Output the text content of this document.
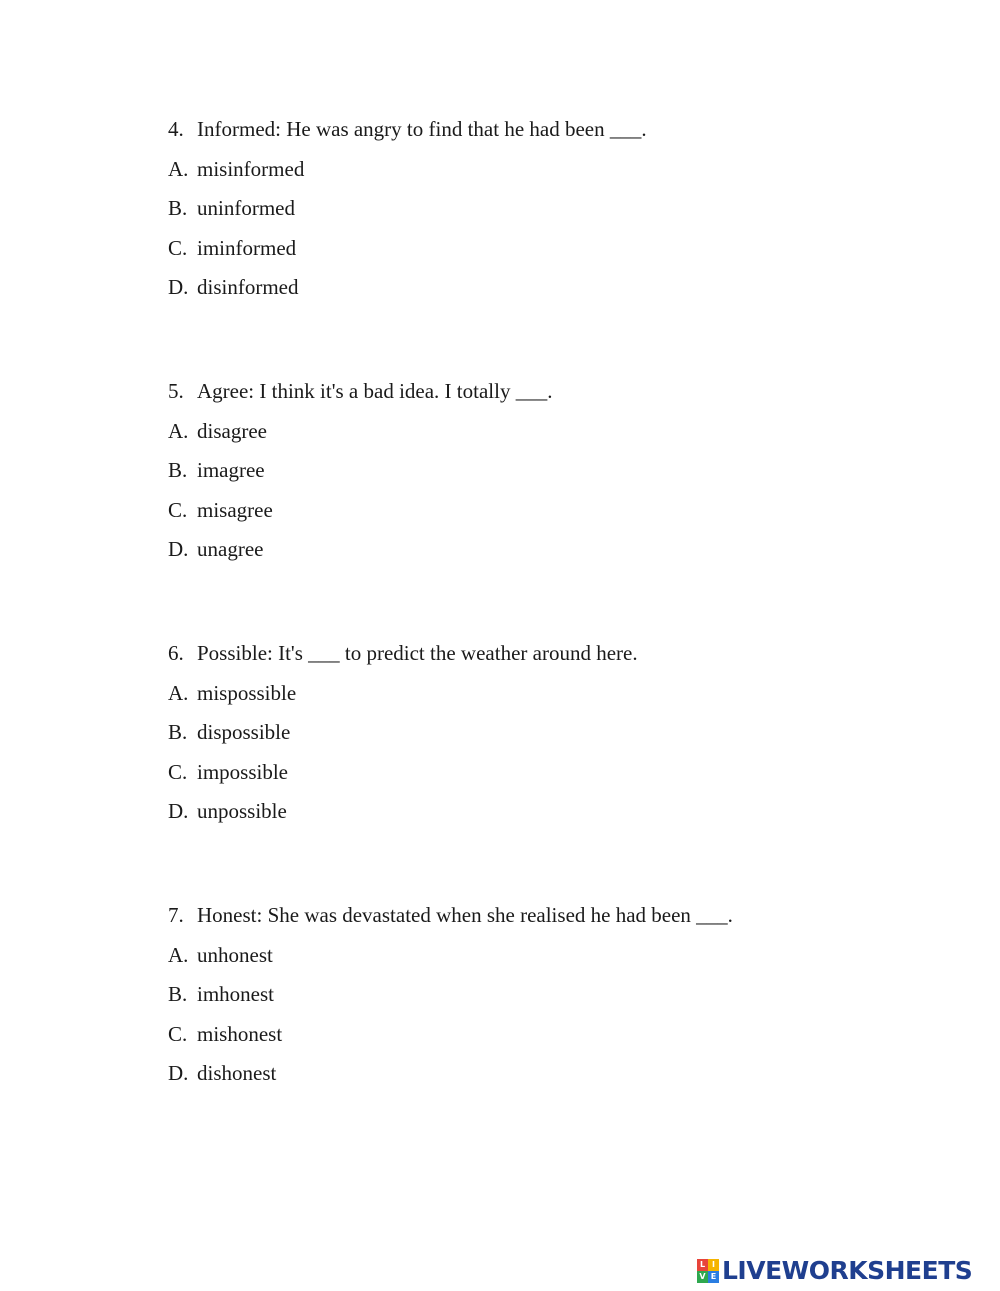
4. Informed: He was angry to find that he had been ___.
A. misinformed
B. uninformed
C. iminformed
D. disinformed
5. Agree: I think it's a bad idea. I totally ___.
A. disagree
B. imagree
C. misagree
D. unagree
6. Possible: It's ___ to predict the weather around here.
A. mispossible
B. dispossible
C. impossible
D. unpossible
7. Honest: She was devastated when she realised he had been ___.
A. unhonest
B. imhonest
C. mishonest
D. dishonest
L I
V E LIVEWORKSHEETS
